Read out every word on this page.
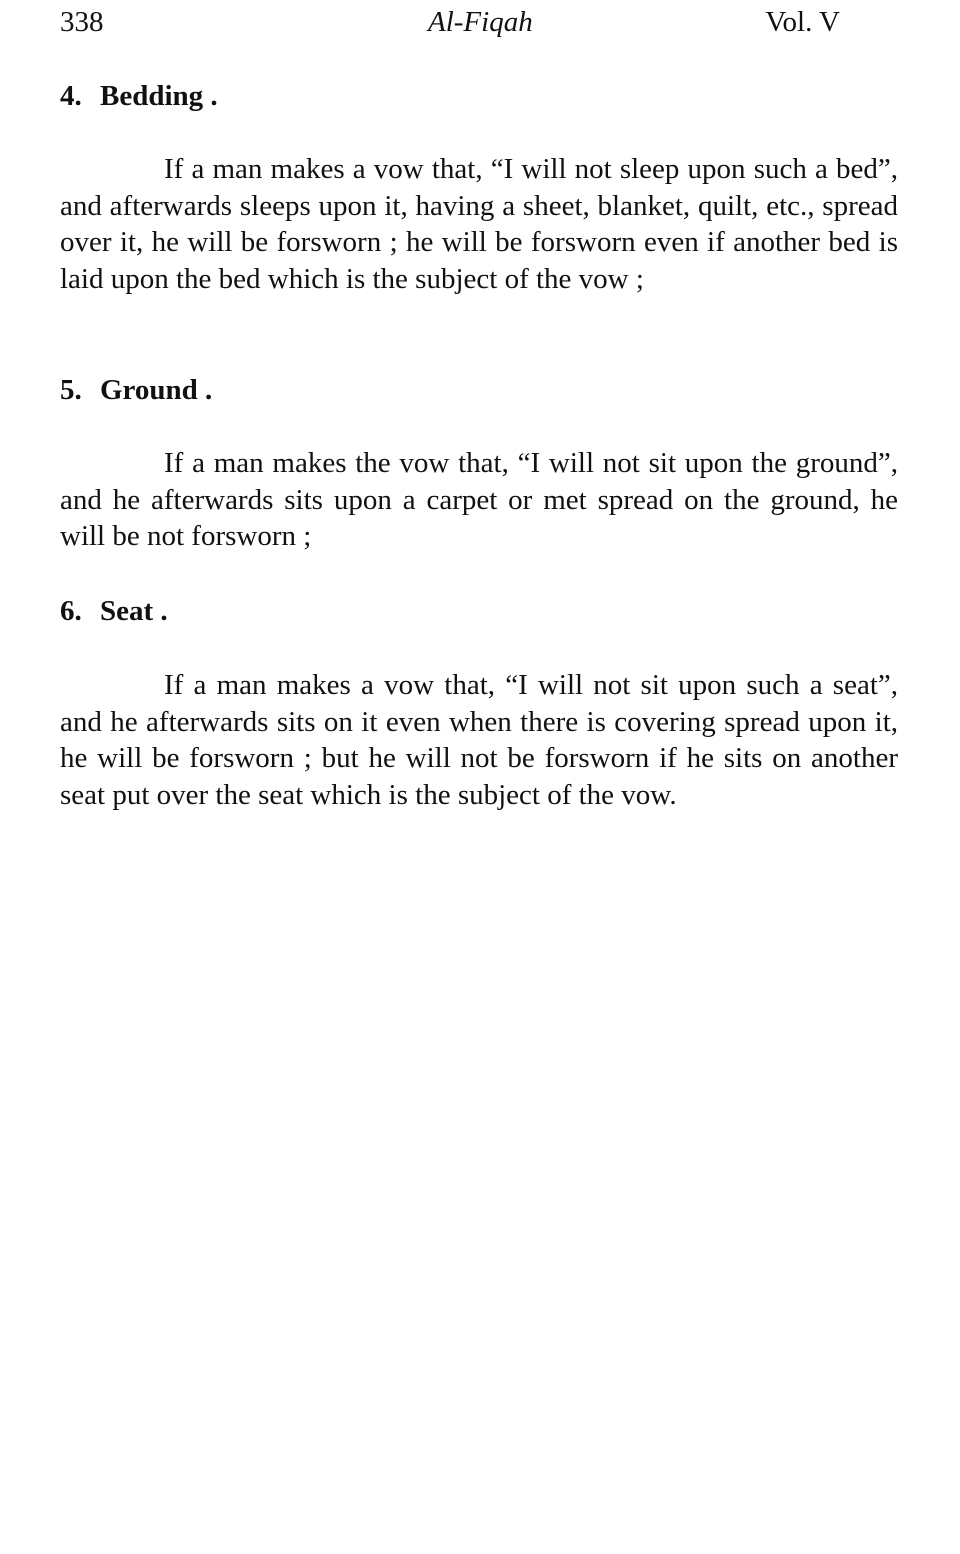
338	Al-Fiqah	Vol. V
4. Bedding .

If a man makes a vow that, “I will not sleep upon such a bed”, and afterwards sleeps upon it, having a sheet, blanket, quilt, etc., spread over it, he will be forsworn ; he will be forsworn even if another bed is laid upon the bed which is the subject of the vow ;

5. Ground .

If a man makes the vow that, “I will not sit upon the ground”, and he afterwards sits upon a carpet or met spread on the ground, he will be not forsworn ;

6. Seat .

If a man makes a vow that, “I will not sit upon such a seat”, and he afterwards sits on it even when there is covering spread upon it, he will be forsworn ; but he will not be forsworn if he sits on another seat put over the seat which is the subject of the vow.
